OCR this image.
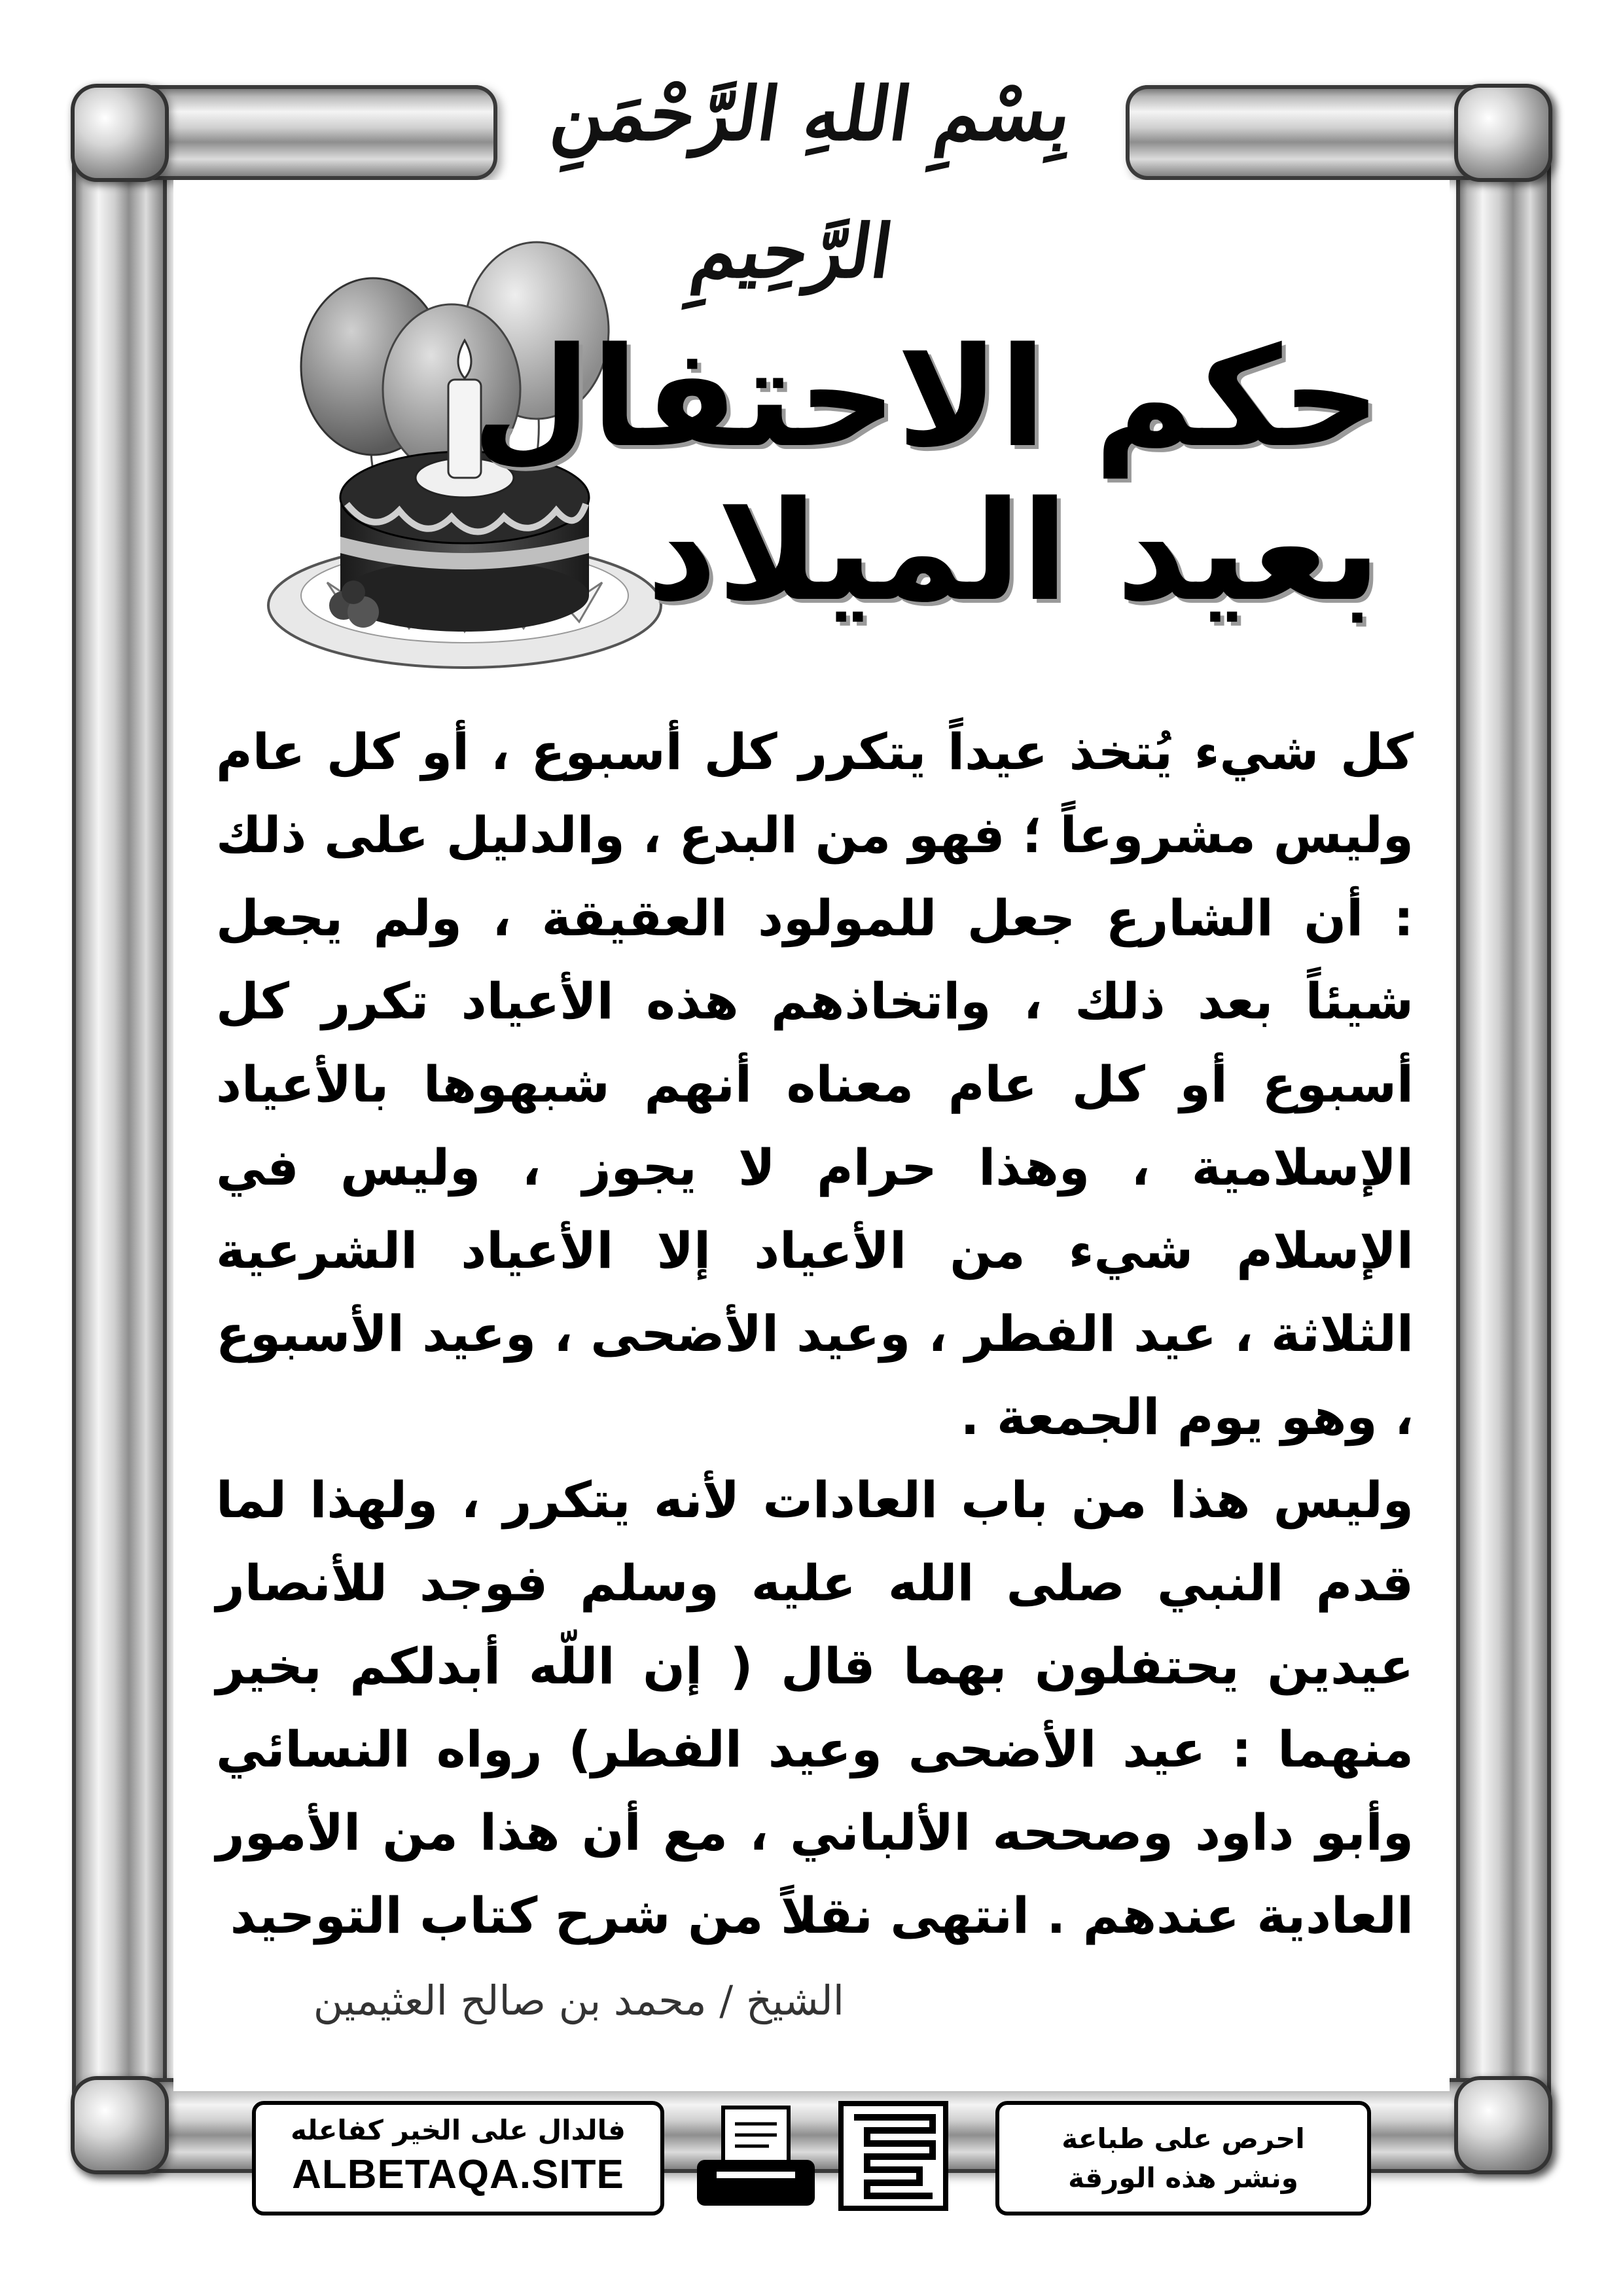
بِسْمِ اللهِ الرَّحْمَنِ الرَّحِيمِ
حكم الاحتفال
بعيد الميلاد

كل شيء يُتخذ عيداً يتكرر كل أسبوع ، أو كل عام وليس مشروعاً ؛ فهو من البدع ، والدليل على ذلك : أن الشارع جعل للمولود العقيقة ، ولم يجعل شيئاً بعد ذلك ، واتخاذهم هذه الأعياد تكرر كل أسبوع أو كل عام معناه أنهم شبهوها بالأعياد الإسلامية ، وهذا حرام لا يجوز ، وليس في الإسلام شيء من الأعياد إلا الأعياد الشرعية الثلاثة ، عيد الفطر ، وعيد الأضحى ، وعيد الأسبوع ، وهو يوم الجمعة .

وليس هذا من باب العادات لأنه يتكرر ، ولهذا لما قدم النبي صلى الله عليه وسلم فوجد للأنصار عيدين يحتفلون بهما قال ( إن اللّه أبدلكم بخير منهما : عيد الأضحى وعيد الفطر) رواه النسائي وأبو داود وصححه الألباني ، مع أن هذا من الأمور العادية عندهم . انتهى نقلاً من شرح كتاب التوحيد

الشيخ / محمد بن صالح العثيمين
فالدال على الخير كفاعله
ALBETAQA.SITE
دعوة الورقة
احرص على طباعة
ونشر هذه الورقة
